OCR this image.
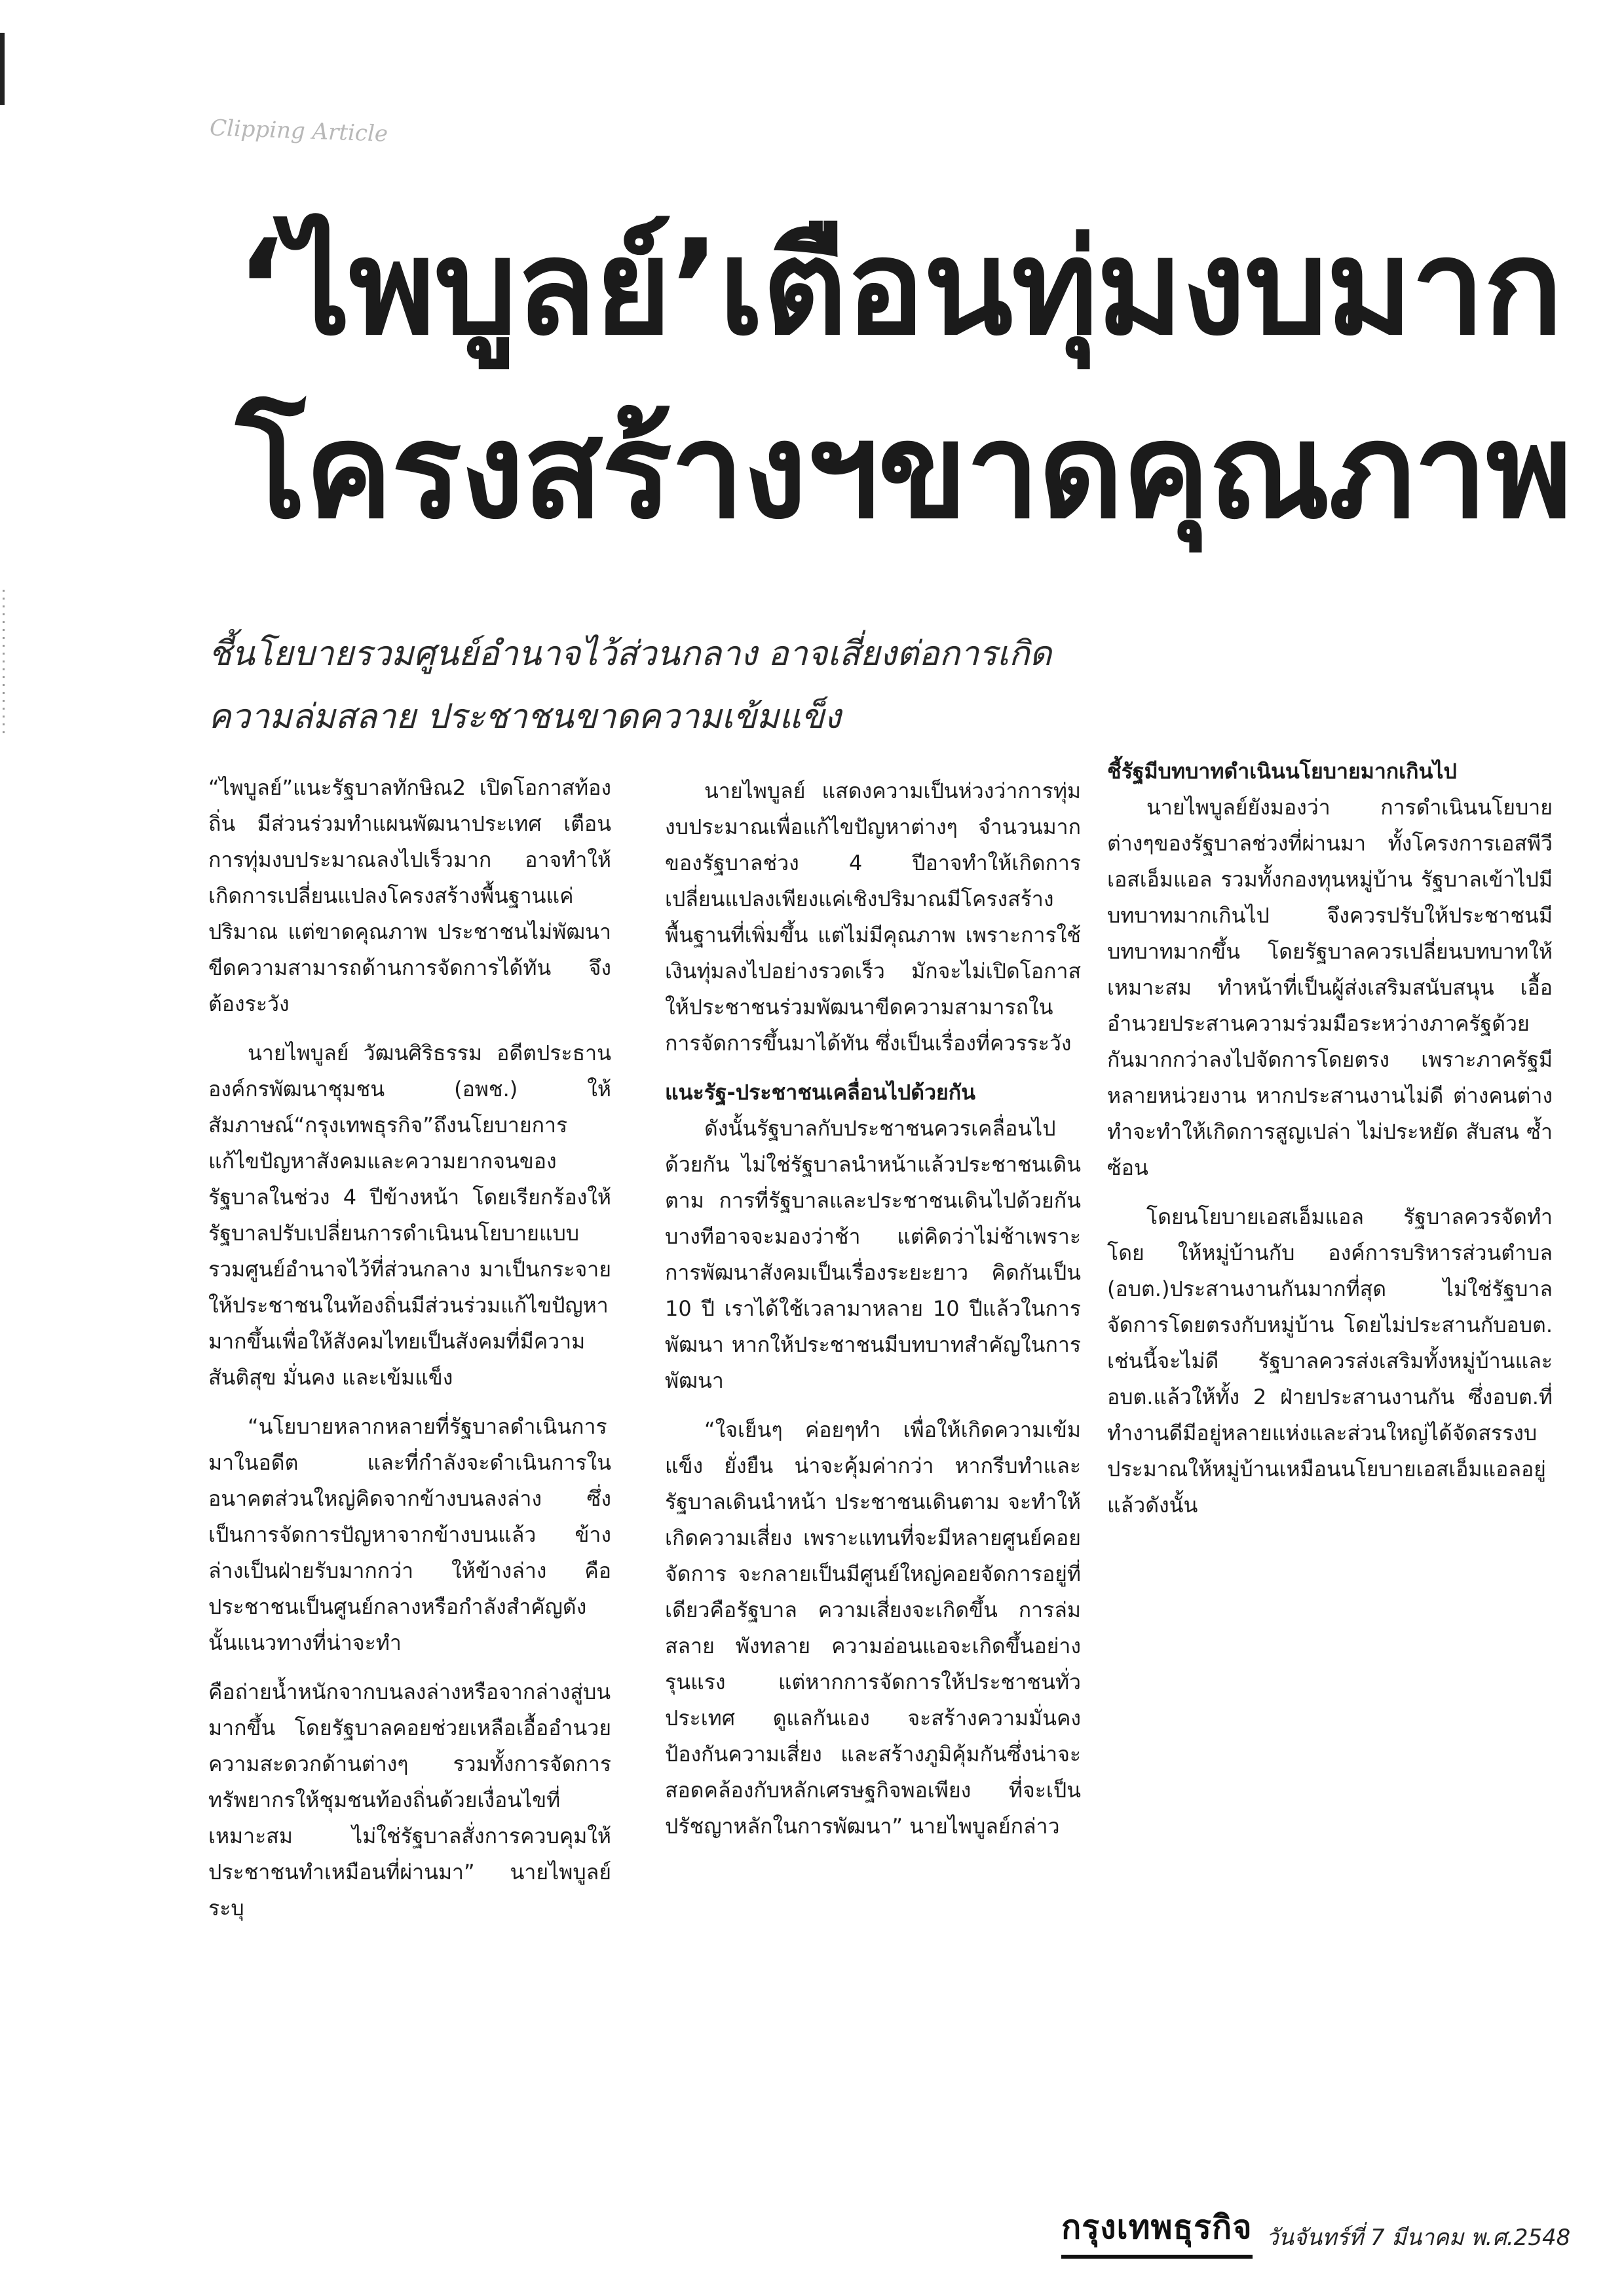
Clipping Article
‘ไพบูลย์’เตือนทุ่มงบมาก
โครงสร้างฯขาดคุณภาพ
ชี้นโยบายรวมศูนย์อำนาจไว้ส่วนกลาง อาจเสี่ยงต่อการเกิด
ความล่มสลาย ประชาชนขาดความเข้มแข็ง

“ไพบูลย์”แนะรัฐบาลทักษิณ2 เปิดโอกาสท้องถิ่น มีส่วนร่วมทำแผนพัฒนาประเทศ เตือนการทุ่มงบประมาณลงไปเร็วมาก อาจทำให้เกิดการเปลี่ยนแปลงโครงสร้างพื้นฐานแค่ปริมาณ แต่ขาดคุณภาพ ประชาชนไม่พัฒนาขีดความสามารถด้านการจัดการได้ทัน จึงต้องระวัง

นายไพบูลย์ วัฒนศิริธรรม อดีตประธานองค์กรพัฒนาชุมชน (อพช.) ให้สัมภาษณ์“กรุงเทพธุรกิจ”ถึงนโยบายการแก้ไขปัญหาสังคมและความยากจนของรัฐบาลในช่วง 4 ปีข้างหน้า โดยเรียกร้องให้รัฐบาลปรับเปลี่ยนการดำเนินนโยบายแบบรวมศูนย์อำนาจไว้ที่ส่วนกลาง มาเป็นกระจายให้ประชาชนในท้องถิ่นมีส่วนร่วมแก้ไขปัญหามากขึ้นเพื่อให้สังคมไทยเป็นสังคมที่มีความสันติสุข มั่นคง และเข้มแข็ง

“นโยบายหลากหลายที่รัฐบาลดำเนินการมาในอดีต และที่กำลังจะดำเนินการในอนาคตส่วนใหญ่คิดจากข้างบนลงล่าง ซึ่งเป็นการจัดการปัญหาจากข้างบนแล้ว ข้างล่างเป็นฝ่ายรับมากกว่า ให้ข้างล่าง คือ ประชาชนเป็นศูนย์กลางหรือกำลังสำคัญดังนั้นแนวทางที่น่าจะทำ

คือถ่ายน้ำหนักจากบนลงล่างหรือจากล่างสู่บนมากขึ้น โดยรัฐบาลคอยช่วยเหลือเอื้ออำนวยความสะดวกด้านต่างๆ รวมทั้งการจัดการทรัพยากรให้ชุมชนท้องถิ่นด้วยเงื่อนไขที่เหมาะสม ไม่ใช่รัฐบาลสั่งการควบคุมให้ประชาชนทำเหมือนที่ผ่านมา” นายไพบูลย์ ระบุ

นายไพบูลย์ แสดงความเป็นห่วงว่าการทุ่มงบประมาณเพื่อแก้ไขปัญหาต่างๆ จำนวนมากของรัฐบาลช่วง 4 ปีอาจทำให้เกิดการเปลี่ยนแปลงเพียงแค่เชิงปริมาณมีโครงสร้างพื้นฐานที่เพิ่มขึ้น แต่ไม่มีคุณภาพ เพราะการใช้เงินทุ่มลงไปอย่างรวดเร็ว มักจะไม่เปิดโอกาสให้ประชาชนร่วมพัฒนาขีดความสามารถในการจัดการขึ้นมาได้ทัน ซึ่งเป็นเรื่องที่ควรระวัง

แนะรัฐ-ประชาชนเคลื่อนไปด้วยกัน

ดังนั้นรัฐบาลกับประชาชนควรเคลื่อนไปด้วยกัน ไม่ใช่รัฐบาลนำหน้าแล้วประชาชนเดินตาม การที่รัฐบาลและประชาชนเดินไปด้วยกันบางทีอาจจะมองว่าช้า แต่คิดว่าไม่ช้าเพราะการพัฒนาสังคมเป็นเรื่องระยะยาว คิดกันเป็น 10 ปี เราได้ใช้เวลามาหลาย 10 ปีแล้วในการพัฒนา หากให้ประชาชนมีบทบาทสำคัญในการพัฒนา

“ใจเย็นๆ ค่อยๆทำ เพื่อให้เกิดความเข้มแข็ง ยั่งยืน น่าจะคุ้มค่ากว่า หากรีบทำและรัฐบาลเดินนำหน้า ประชาชนเดินตาม จะทำให้เกิดความเสี่ยง เพราะแทนที่จะมีหลายศูนย์คอยจัดการ จะกลายเป็นมีศูนย์ใหญ่คอยจัดการอยู่ที่เดียวคือรัฐบาล ความเสี่ยงจะเกิดขึ้น การล่มสลาย พังทลาย ความอ่อนแอจะเกิดขึ้นอย่างรุนแรง แต่หากการจัดการให้ประชาชนทั่วประเทศ ดูแลกันเอง จะสร้างความมั่นคง ป้องกันความเสี่ยง และสร้างภูมิคุ้มกันซึ่งน่าจะสอดคล้องกับหลักเศรษฐกิจพอเพียง ที่จะเป็นปรัชญาหลักในการพัฒนา” นายไพบูลย์กล่าว

ชี้รัฐมีบทบาทดำเนินนโยบายมากเกินไป

นายไพบูลย์ยังมองว่า การดำเนินนโยบายต่างๆของรัฐบาลช่วงที่ผ่านมา ทั้งโครงการเอสพีวี เอสเอ็มแอล รวมทั้งกองทุนหมู่บ้าน รัฐบาลเข้าไปมีบทบาทมากเกินไป จึงควรปรับให้ประชาชนมีบทบาทมากขึ้น โดยรัฐบาลควรเปลี่ยนบทบาทให้เหมาะสม ทำหน้าที่เป็นผู้ส่งเสริมสนับสนุน เอื้ออำนวยประสานความร่วมมือระหว่างภาครัฐด้วยกันมากกว่าลงไปจัดการโดยตรง เพราะภาครัฐมีหลายหน่วยงาน หากประสานงานไม่ดี ต่างคนต่างทำจะทำให้เกิดการสูญเปล่า ไม่ประหยัด สับสน ซ้ำซ้อน

โดยนโยบายเอสเอ็มแอล รัฐบาลควรจัดทำโดย ให้หมู่บ้านกับ องค์การบริหารส่วนตำบล (อบต.)ประสานงานกันมากที่สุด ไม่ใช่รัฐบาลจัดการโดยตรงกับหมู่บ้าน โดยไม่ประสานกับอบต. เช่นนี้จะไม่ดี รัฐบาลควรส่งเสริมทั้งหมู่บ้านและอบต.แล้วให้ทั้ง 2 ฝ่ายประสานงานกัน ซึ่งอบต.ที่ทำงานดีมีอยู่หลายแห่งและส่วนใหญ่ได้จัดสรรงบประมาณให้หมู่บ้านเหมือนนโยบายเอสเอ็มแอลอยู่แล้วดังนั้น

กรุงเทพธุรกิจ วันจันทร์ที่ 7 มีนาคม พ.ศ.2548
